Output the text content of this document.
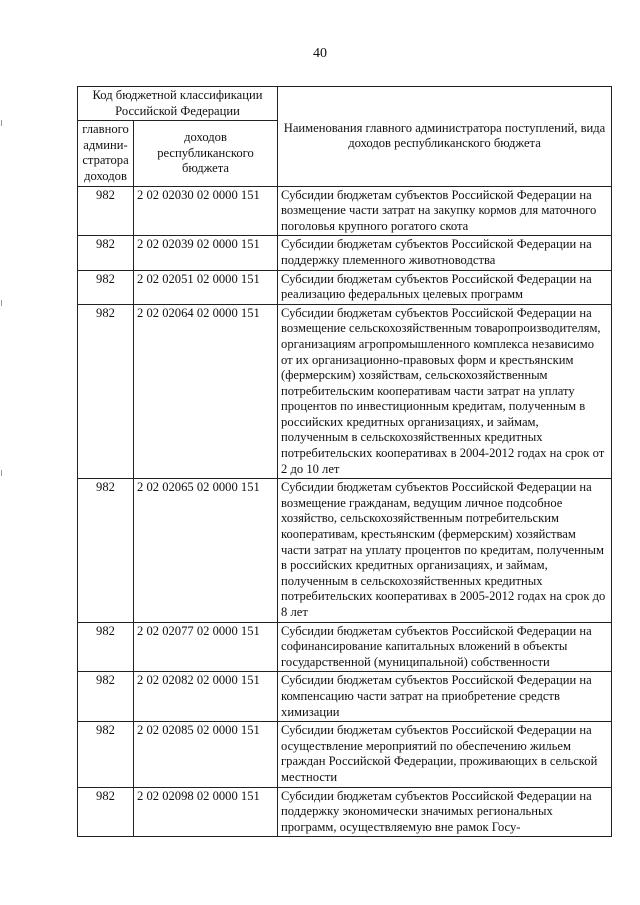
40
Код бюджетной классификации Российской Федерации		Наименования главного администратора поступлений, вида доходов республиканского бюджета
главного админи-стратора доходов	доходов республиканского бюджета	
982	2 02 02030 02 0000 151	Субсидии бюджетам субъектов Российской Федерации на возмещение части затрат на закупку кормов для маточного поголовья крупного рогатого скота
982	2 02 02039 02 0000 151	Субсидии бюджетам субъектов Российской Федерации на поддержку племенного животноводства
982	2 02 02051 02 0000 151	Субсидии бюджетам субъектов Российской Федерации на реализацию федеральных целевых программ
982	2 02 02064 02 0000 151	Субсидии бюджетам субъектов Российской Федерации на возмещение сельскохозяйственным товаропроизводителям, организациям агропромышленного комплекса независимо от их организационно-правовых форм и крестьянским (фермерским) хозяйствам, сельскохозяйственным потребительским кооперативам части затрат на уплату процентов по инвестиционным кредитам, полученным в российских кредитных организациях, и займам, полученным в сельскохозяйственных кредитных потребительских кооперативах в 2004-2012 годах на срок от 2 до 10 лет
982	2 02 02065 02 0000 151	Субсидии бюджетам субъектов Российской Федерации на возмещение гражданам, ведущим личное подсобное хозяйство, сельскохозяйственным потребительским кооперативам, крестьянским (фермерским) хозяйствам части затрат на уплату процентов по кредитам, полученным в российских кредитных организациях, и займам, полученным в сельскохозяйственных кредитных потребительских кооперативах в 2005-2012 годах на срок до 8 лет
982	2 02 02077 02 0000 151	Субсидии бюджетам субъектов Российской Федерации на софинансирование капитальных вложений в объекты государственной (муниципальной) собственности
982	2 02 02082 02 0000 151	Субсидии бюджетам субъектов Российской Федерации на компенсацию части затрат на приобретение средств химизации
982	2 02 02085 02 0000 151	Субсидии бюджетам субъектов Российской Федерации на осуществление мероприятий по обеспечению жильем граждан Российской Федерации, проживающих в сельской местности
982	2 02 02098 02 0000 151	Субсидии бюджетам субъектов Российской Федерации на поддержку экономически значимых региональных программ, осуществляемую вне рамок Госу-
